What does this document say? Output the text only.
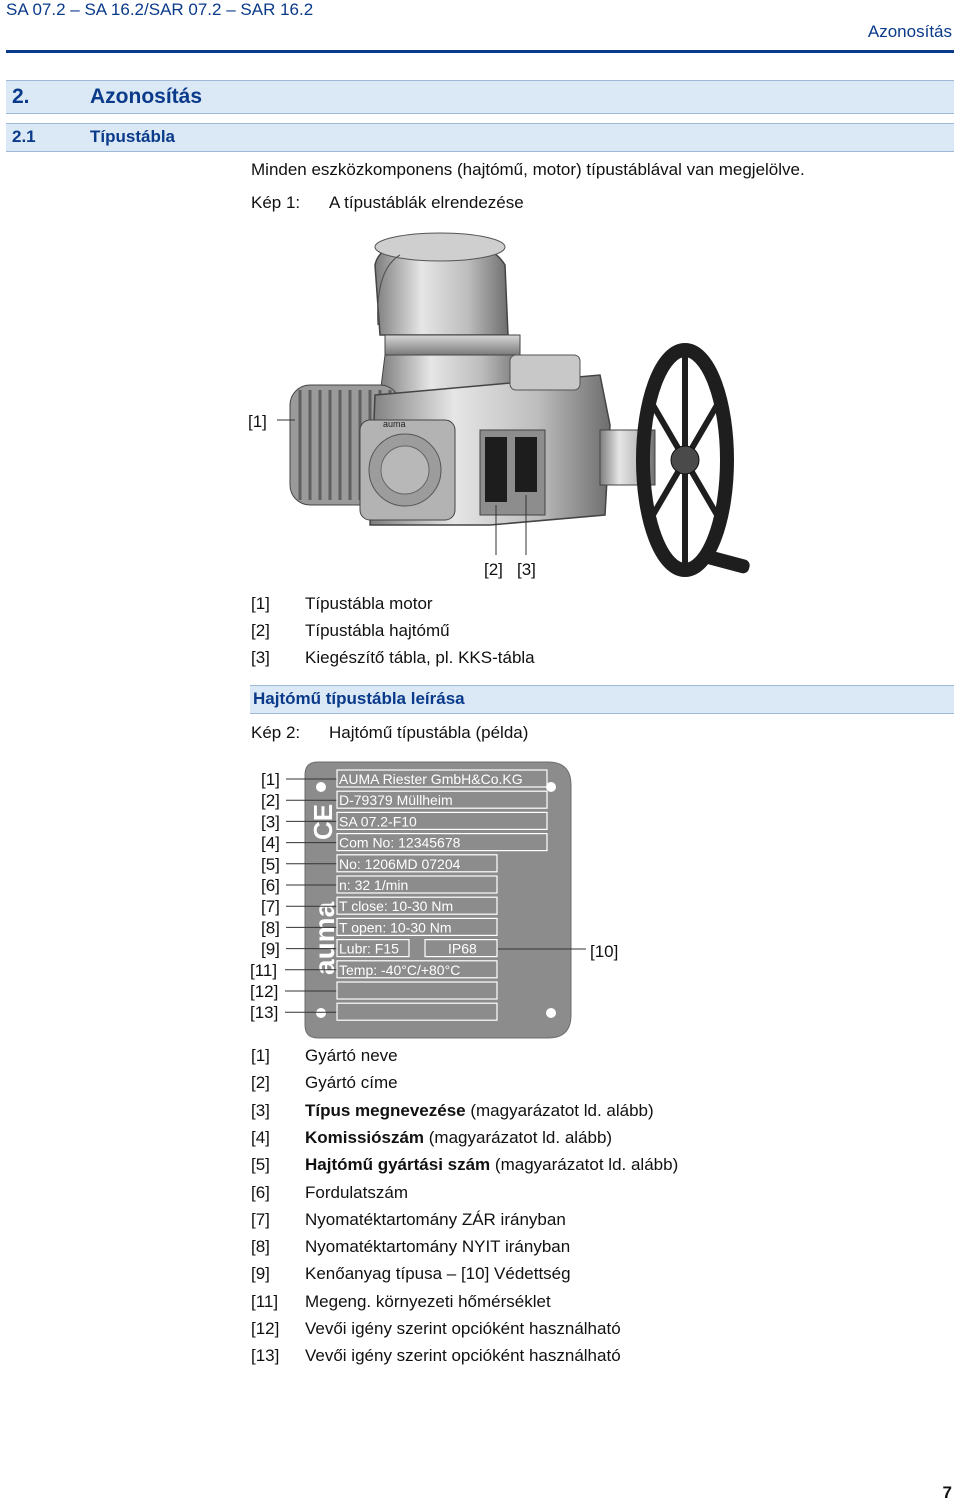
SA 07.2 – SA 16.2/SAR 07.2 – SAR 16.2
Azonosítás
2.	Azonosítás
2.1	Típustábla
Minden eszközkomponens (hajtómű, motor) típustáblával van megjelölve.
Kép 1: A típustáblák elrendezése
auma
[1]
[2] [3]
[1] Típustábla motor
[2] Típustábla hajtómű
[3] Kiegészítő tábla, pl. KKS-tábla
Hajtómű típustábla leírása
Kép 2: Hajtómű típustábla (példa)
CE
auma
[1]	AUMA Riester GmbH&Co.KG
[2]	D-79379 Müllheim
[3]	SA 07.2-F10
[4]	Com No: 12345678
[5]	No: 1206MD 07204
[6]	n: 32 1/min
[7]	T close: 10-30 Nm
[8]	T open: 10-30 Nm
[9]	Lubr: F15	IP68
[11]	Temp: -40°C/+80°C
[12]
[13]
[10]
[1] Gyártó neve
[2] Gyártó címe
[3] Típus megnevezése (magyarázatot ld. alább)
[4] Komissiószám (magyarázatot ld. alább)
[5] Hajtómű gyártási szám (magyarázatot ld. alább)
[6] Fordulatszám
[7] Nyomatéktartomány ZÁR irányban
[8] Nyomatéktartomány NYIT irányban
[9] Kenőanyag típusa – [10] Védettség
[11] Megeng. környezeti hőmérséklet
[12] Vevői igény szerint opcióként használható
[13] Vevői igény szerint opcióként használható
7
